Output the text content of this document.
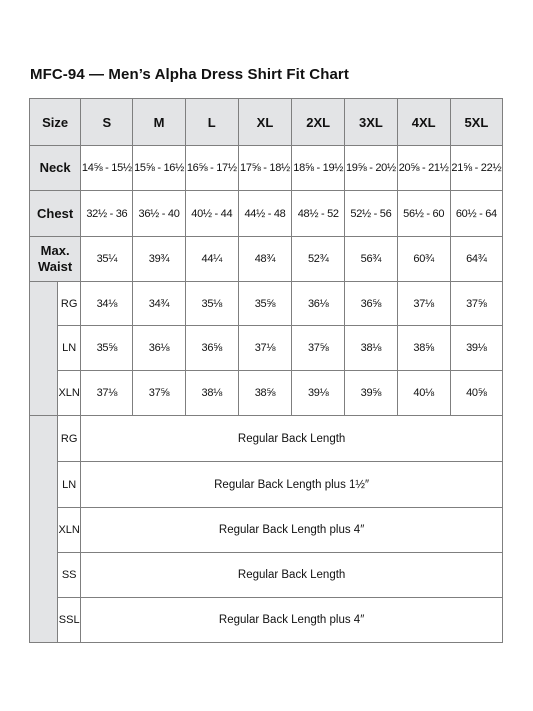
MFC-94 — Men’s Alpha Dress Shirt Fit Chart
Size		S	M	L	XL	2XL	3XL	4XL	5XL
Neck		14⅝ - 15½	15⅝ - 16½	16⅝ - 17½	17⅝ - 18½	18⅝ - 19½	19⅝ - 20½	20⅝ - 21½	21⅝ - 22½
Chest		32½ - 36	36½ - 40	40½ - 44	44½ - 48	48½ - 52	52½ - 56	56½ - 60	60½ - 64

Max.
Waist		35¼	39¾	44¼	48¾	52¾	56¾	60¾	64¾
	RG	34⅛	34¾	35⅛	35⅝	36⅛	36⅝	37⅛	37⅝
	LN	35⅝	36⅛	36⅝	37⅛	37⅝	38⅛	38⅝	39⅛
	XLN	37⅛	37⅝	38⅛	38⅝	39⅛	39⅝	40⅛	40⅝
	RG	Regular Back Length							
	LN	Regular Back Length plus 1½″							
	XLN	Regular Back Length plus 4″							
	SS	Regular Back Length							
	SSL	Regular Back Length plus 4″							
